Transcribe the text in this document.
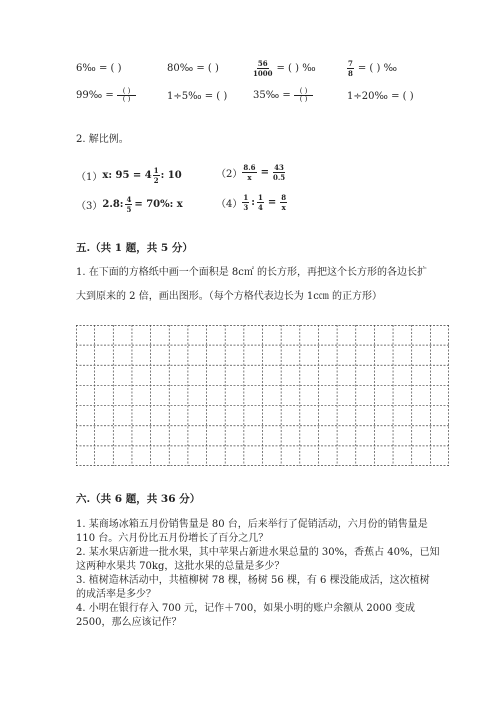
6‰ = ( )	80‰ = ( )	$\frac{56}{1000}$ = ( ) ‰	$\frac{7}{8}$ = ( ) ‰
99‰ = $\frac{( )}{( )}$	1÷5‰ = ( )	35‰ = $\frac{( )}{( )}$	1÷20‰ = ( )
2. 解比例。
（1） x: $95 = 4 \frac{1}{2}$ : 10	$(2) \frac{8.6}{x} = \frac{43}{0.5}$
（3） 2.8: $\frac{4}{5} = 70\%$: x	$(4) \frac{1}{3}$ : $\frac{1}{4} = \frac{8}{x}$
五.（共 1 题，共 5 分）
1. 在下面的方格纸中画一个面积是 8c㎡ 的长方形，再把这个长方形的各边长扩
大到原来的 2 倍，画出图形。（每个方格代表边长为 1c㎝ 的正方形）
六.（共 6 题，共 36 分）
1. 某商场冰箱五月份销售量是 80 台，后来举行了促销活动，六月份的销售量是
110 台。六月份比五月份增长了百分之几？
2. 某水果店新进一批水果，其中苹果占新进水果总量的 30%，香蕉占 40%，已知
这两种水果共 70kg，这批水果的总量是多少？
3. 植树造林活动中，共植柳树 78 棵，杨树 56 棵，有 6 棵没能成活，这次植树
的成活率是多少？
4. 小明在银行存入 700 元，记作＋700，如果小明的账户余额从 2000 变成
2500，那么应该记作？
